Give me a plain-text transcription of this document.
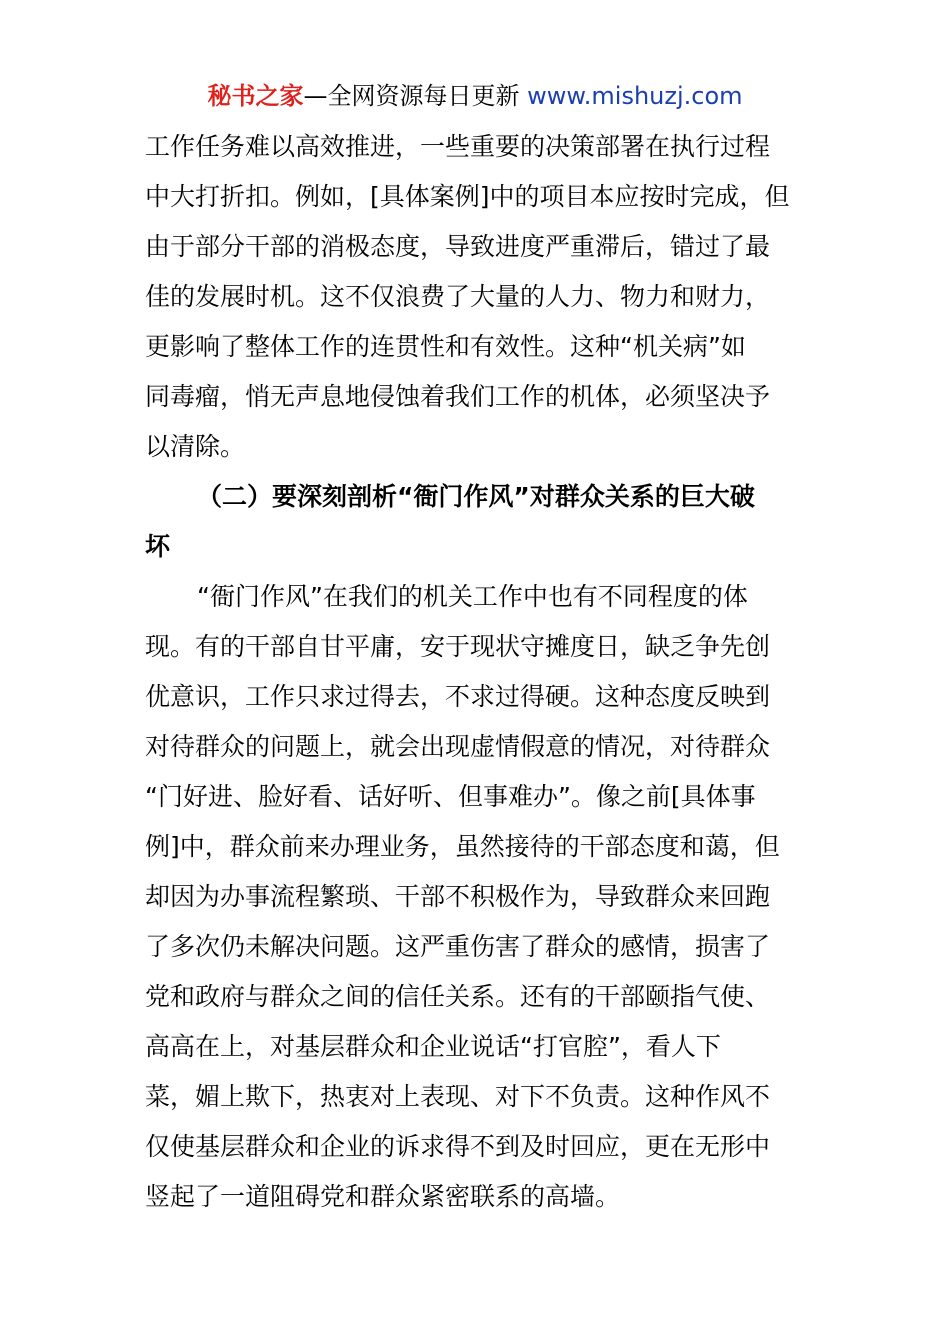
秘书之家—全网资源每日更新 www.mishuzj.com
工作任务难以高效推进，一些重要的决策部署在执行过程
中大打折扣。例如，[具体案例]中的项目本应按时完成，但
由于部分干部的消极态度，导致进度严重滞后，错过了最
佳的发展时机。这不仅浪费了大量的人力、物力和财力，
更影响了整体工作的连贯性和有效性。这种“机关病”如
同毒瘤，悄无声息地侵蚀着我们工作的机体，必须坚决予
以清除。
（二）要深刻剖析“衙门作风”对群众关系的巨大破
坏
“衙门作风”在我们的机关工作中也有不同程度的体
现。有的干部自甘平庸，安于现状守摊度日，缺乏争先创
优意识，工作只求过得去，不求过得硬。这种态度反映到
对待群众的问题上，就会出现虚情假意的情况，对待群众
“门好进、脸好看、话好听、但事难办”。像之前[具体事
例]中，群众前来办理业务，虽然接待的干部态度和蔼，但
却因为办事流程繁琐、干部不积极作为，导致群众来回跑
了多次仍未解决问题。这严重伤害了群众的感情，损害了
党和政府与群众之间的信任关系。还有的干部颐指气使、
高高在上，对基层群众和企业说话“打官腔”，看人下
菜，媚上欺下，热衷对上表现、对下不负责。这种作风不
仅使基层群众和企业的诉求得不到及时回应，更在无形中
竖起了一道阻碍党和群众紧密联系的高墙。
